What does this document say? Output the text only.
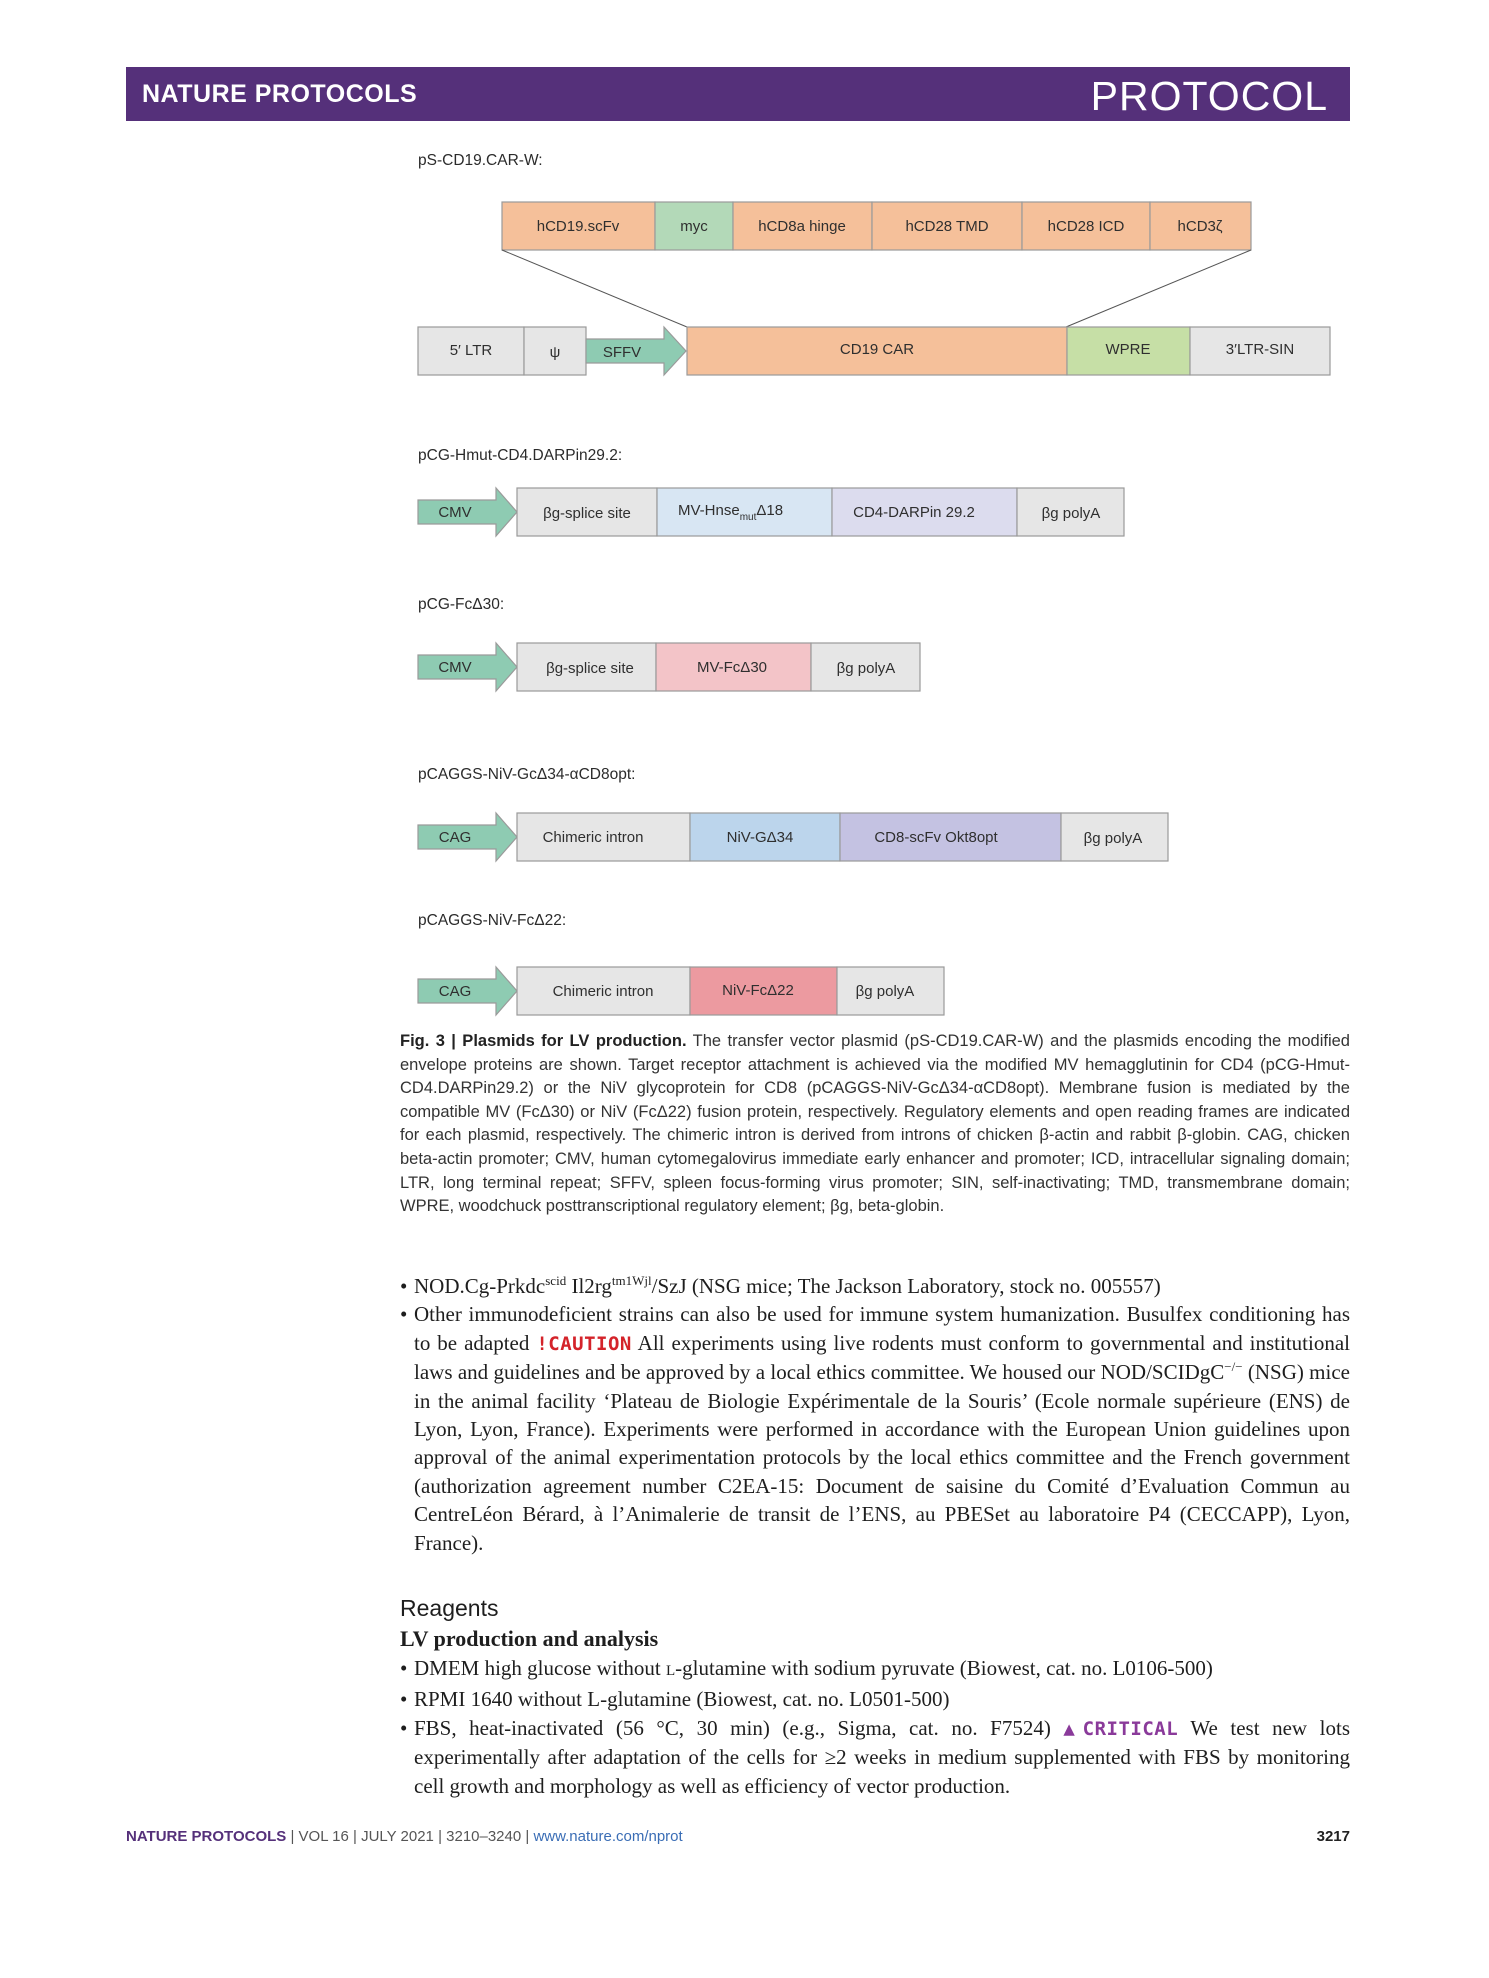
NATURE PROTOCOLS	PROTOCOL
pS-CD19.CAR-W:
hCD19.scFv	myc	hCD8a hinge	hCD28 TMD	hCD28 ICD	hCD3ζ
5′ LTR	ψ	SFFV	CD19 CAR	WPRE	3′LTR-SIN
pCG-Hmut-CD4.DARPin29.2:
CMV	βg-splice site	MV-Hnse$_{mut}$Δ18	CD4-DARPin 29.2	βg polyA
pCG-FcΔ30:
CMV	βg-splice site	MV-FcΔ30	βg polyA
pCAGGS-NiV-GcΔ34-αCD8opt:
CAG	Chimeric intron	NiV-GΔ34	CD8-scFv Okt8opt	βg polyA
pCAGGS-NiV-FcΔ22:
CAG	Chimeric intron	NiV-FcΔ22	βg polyA
Fig. 3 | Plasmids for LV production. The transfer vector plasmid (pS-CD19.CAR-W) and the plasmids encoding the modified envelope proteins are shown. Target receptor attachment is achieved via the modified MV hemagglutinin for CD4 (pCG-Hmut-CD4.DARPin29.2) or the NiV glycoprotein for CD8 (pCAGGS-NiV-GcΔ34-αCD8opt). Membrane fusion is mediated by the compatible MV (FcΔ30) or NiV (FcΔ22) fusion protein, respectively. Regulatory elements and open reading frames are indicated for each plasmid, respectively. The chimeric intron is derived from introns of chicken β-actin and rabbit β-globin. CAG, chicken beta-actin promoter; CMV, human cytomegalovirus immediate early enhancer and promoter; ICD, intracellular signaling domain; LTR, long terminal repeat; SFFV, spleen focus-forming virus promoter; SIN, self-inactivating; TMD, transmembrane domain; WPRE, woodchuck posttranscriptional regulatory element; βg, beta-globin.
• NOD.Cg-Prkdc$^{scid}$ $Il2rg^{tm1Wjl}$/SzJ (NSG mice; The Jackson Laboratory, stock no. 005557)
• Other immunodeficient strains can also be used for immune system humanization. Busulfex conditioning has to be adapted !CAUTION All experiments using live rodents must conform to governmental and institutional laws and guidelines and be approved by a local ethics committee. We housed our NOD/SCIDgC−/− (NSG) mice in the animal facility ‘Plateau de Biologie Expérimentale de la Souris’ (Ecole normale supérieure (ENS) de Lyon, Lyon, France). Experiments were performed in accordance with the European Union guidelines upon approval of the animal experimentation protocols by the local ethics committee and the French government (authorization agreement number C2EA-15: Document de saisine du Comité d’Evaluation Commun au CentreLéon Bérard, à l’Animalerie de transit de l’ENS, au PBESet au laboratoire P4 (CECCAPP), Lyon, France).
Reagents
LV production and analysis
• DMEM high glucose without L-glutamine with sodium pyruvate (Biowest, cat. no. L0106-500)
• RPMI 1640 without L-glutamine (Biowest, cat. no. L0501-500)
• FBS, heat-inactivated (56 °C, 30 min) (e.g., Sigma, cat. no. F7524) ▲CRITICAL We test new lots experimentally after adaptation of the cells for ≥2 weeks in medium supplemented with FBS by monitoring cell growth and morphology as well as efficiency of vector production.
NATURE PROTOCOLS | VOL 16 | JULY 2021 | 3210–3240 | www.nature.com/nprot	3217
